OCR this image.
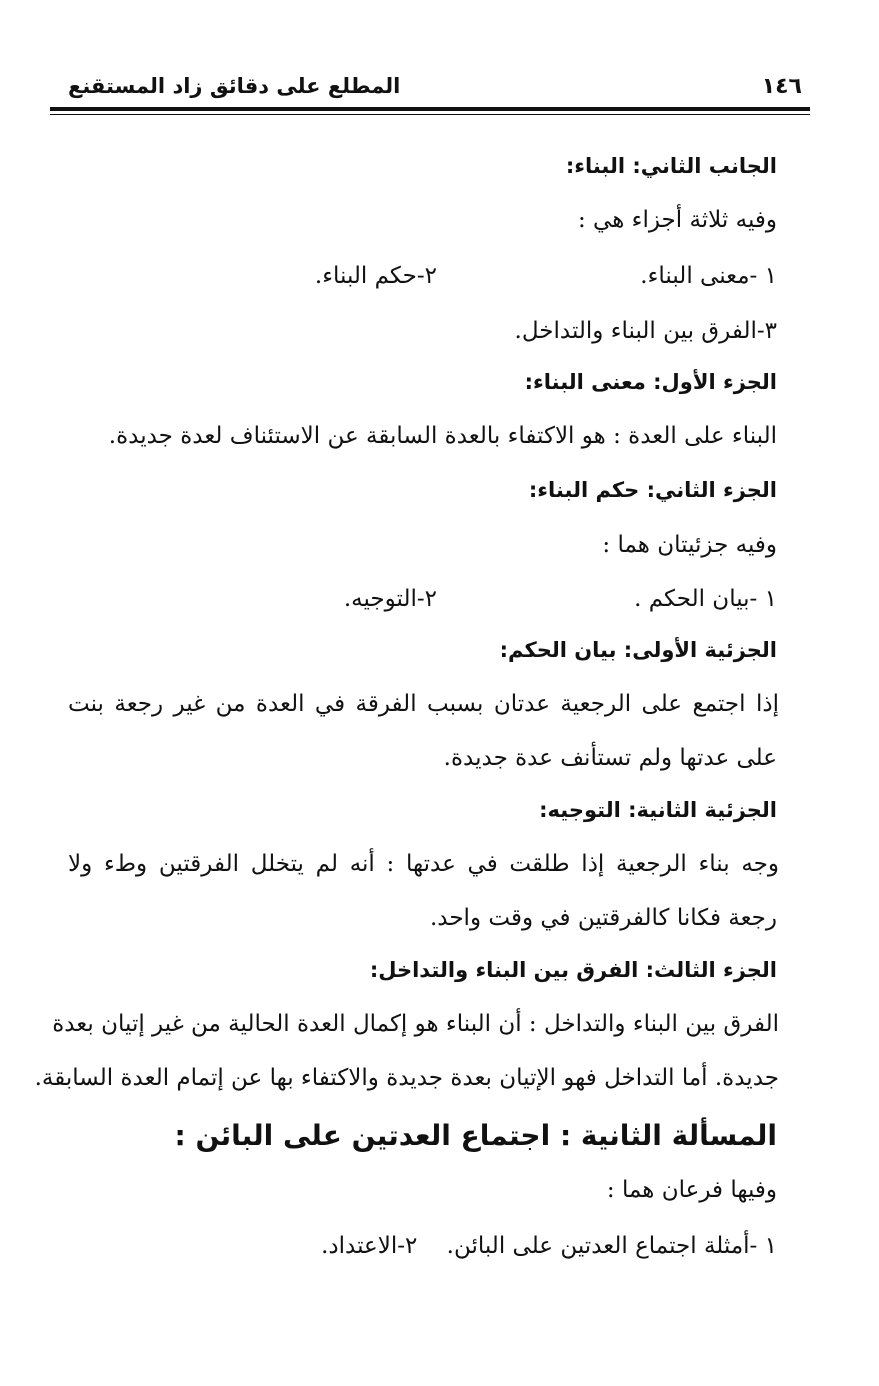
١٤٦
المطلع على دقائق زاد المستقنع
الجانب الثاني: البناء:
وفيه ثلاثة أجزاء هي :
١ -معنى البناء.٢-حكم البناء.
٣-الفرق بين البناء والتداخل.
الجزء الأول: معنى البناء:
البناء على العدة : هو الاكتفاء بالعدة السابقة عن الاستئناف لعدة جديدة.
الجزء الثاني: حكم البناء:
وفيه جزئيتان هما :
١ -بيان الحكم .٢-التوجيه.
الجزئية الأولى: بيان الحكم:
إذا اجتمع على الرجعية عدتان بسبب الفرقة في العدة من غير رجعة بنت
على عدتها ولم تستأنف عدة جديدة.
الجزئية الثانية: التوجيه:
وجه بناء الرجعية إذا طلقت في عدتها : أنه لم يتخلل الفرقتين وطء ولا
رجعة فكانا كالفرقتين في وقت واحد.
الجزء الثالث: الفرق بين البناء والتداخل:
الفرق بين البناء والتداخل : أن البناء هو إكمال العدة الحالية من غير إتيان بعدة
جديدة. أما التداخل فهو الإتيان بعدة جديدة والاكتفاء بها عن إتمام العدة السابقة.
المسألة الثانية : اجتماع العدتين على البائن :
وفيها فرعان هما :
١ -أمثلة اجتماع العدتين على البائن.    ٢-الاعتداد.
